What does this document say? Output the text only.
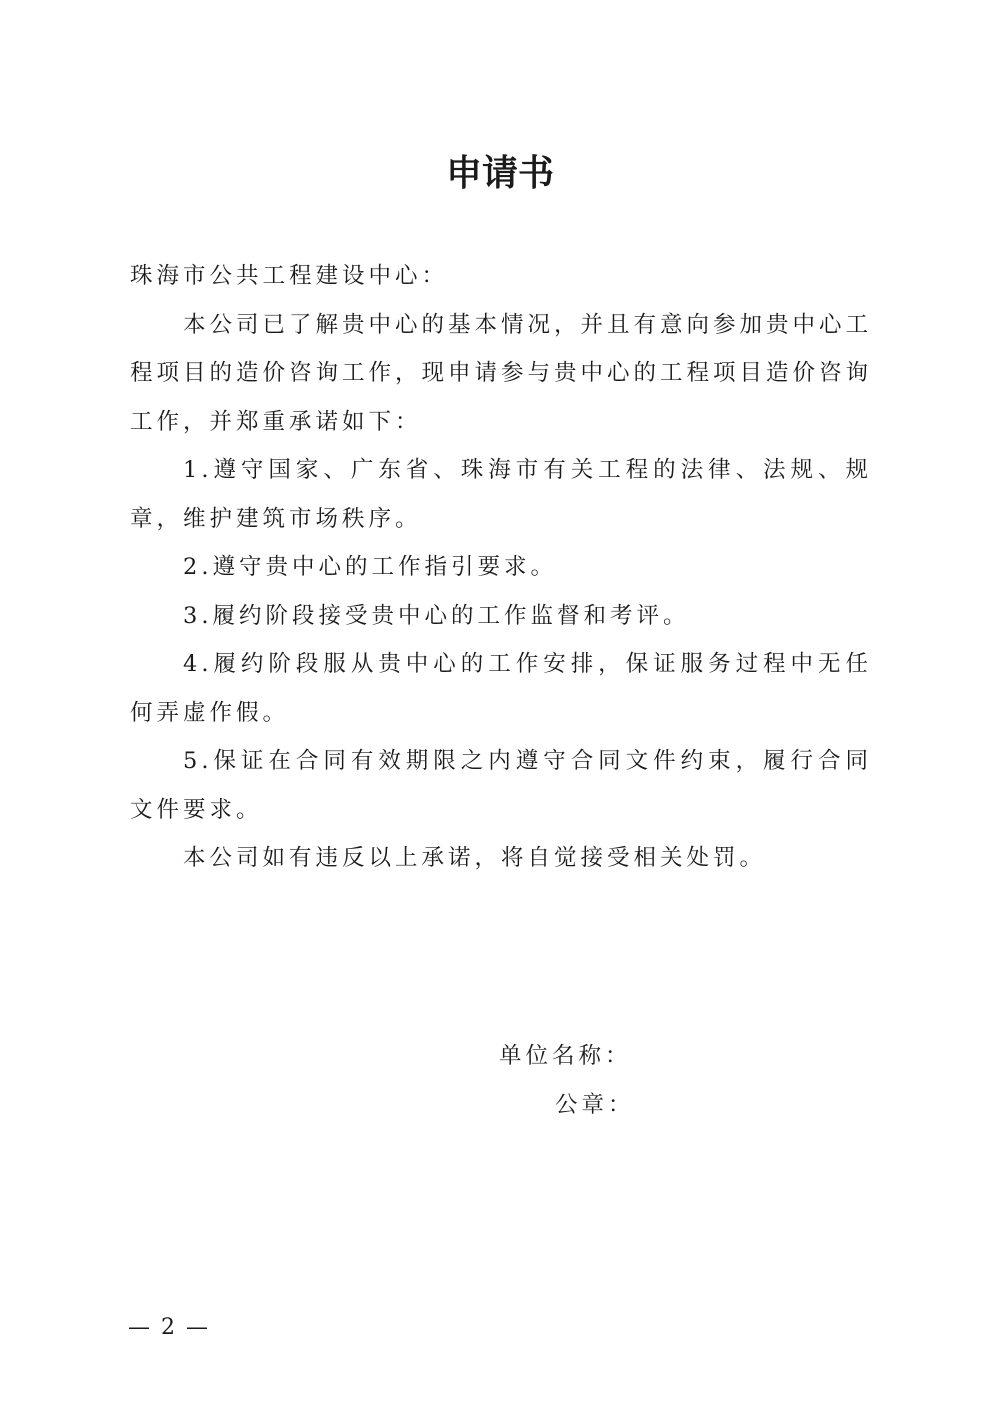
申请书

珠海市公共工程建设中心：

本公司已了解贵中心的基本情况，并且有意向参加贵中心工程项目的造价咨询工作，现申请参与贵中心的工程项目造价咨询工作，并郑重承诺如下：

1.遵守国家、广东省、珠海市有关工程的法律、法规、规章，维护建筑市场秩序。

2.遵守贵中心的工作指引要求。

3.履约阶段接受贵中心的工作监督和考评。

4.履约阶段服从贵中心的工作安排，保证服务过程中无任何弄虚作假。

5.保证在合同有效期限之内遵守合同文件约束，履行合同文件要求。

本公司如有违反以上承诺，将自觉接受相关处罚。

单位名称：
公章：
— 2 —
